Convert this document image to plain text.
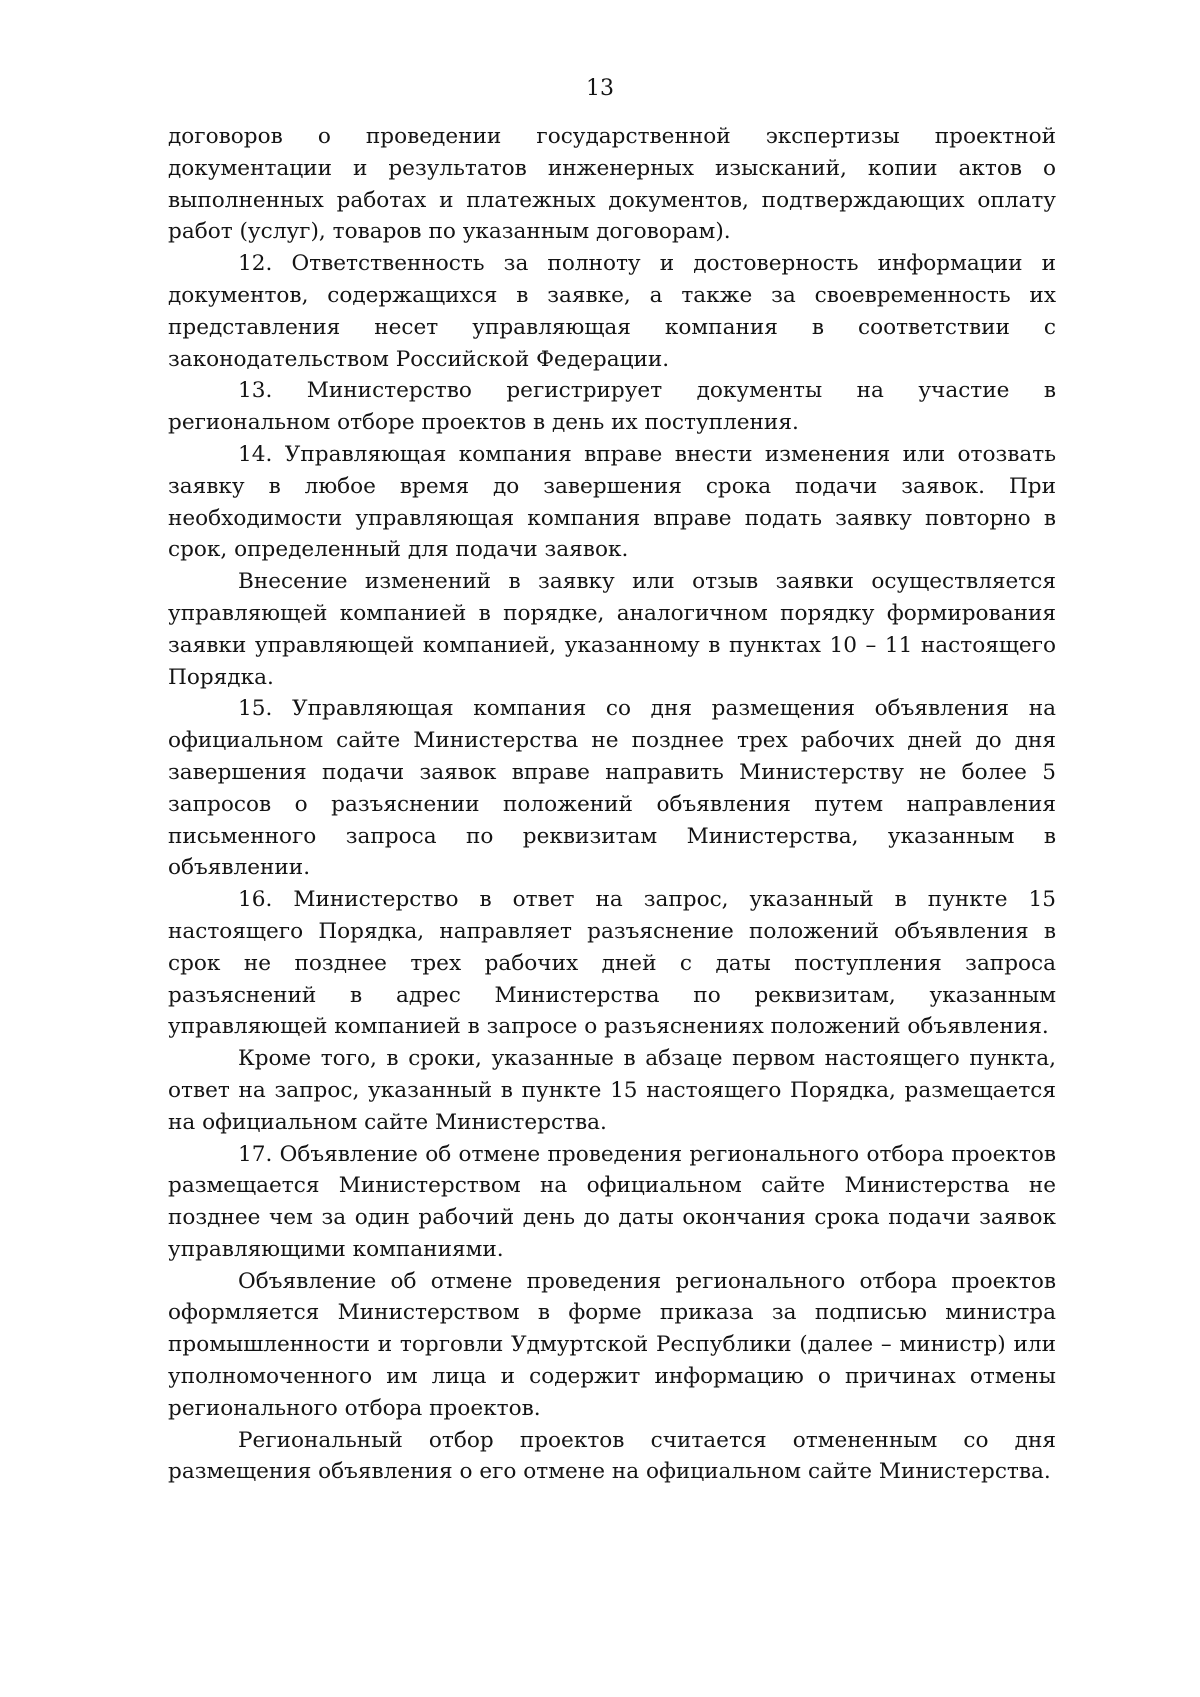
13

договоров о проведении государственной экспертизы проектной документации и результатов инженерных изысканий, копии актов о выполненных работах и платежных документов, подтверждающих оплату работ (услуг), товаров по указанным договорам).

12. Ответственность за полноту и достоверность информации и документов, содержащихся в заявке, а также за своевременность их представления несет управляющая компания в соответствии с законодательством Российской Федерации.

13. Министерство регистрирует документы на участие в региональном отборе проектов в день их поступления.

14. Управляющая компания вправе внести изменения или отозвать заявку в любое время до завершения срока подачи заявок. При необходимости управляющая компания вправе подать заявку повторно в срок, определенный для подачи заявок.

Внесение изменений в заявку или отзыв заявки осуществляется управляющей компанией в порядке, аналогичном порядку формирования заявки управляющей компанией, указанному в пунктах 10 – 11 настоящего Порядка.

15. Управляющая компания со дня размещения объявления на официальном сайте Министерства не позднее трех рабочих дней до дня завершения подачи заявок вправе направить Министерству не более 5 запросов о разъяснении положений объявления путем направления письменного запроса по реквизитам Министерства, указанным в объявлении.

16. Министерство в ответ на запрос, указанный в пункте 15 настоящего Порядка, направляет разъяснение положений объявления в срок не позднее трех рабочих дней с даты поступления запроса разъяснений в адрес Министерства по реквизитам, указанным управляющей компанией в запросе о разъяснениях положений объявления.

Кроме того, в сроки, указанные в абзаце первом настоящего пункта, ответ на запрос, указанный в пункте 15 настоящего Порядка, размещается на официальном сайте Министерства.

17. Объявление об отмене проведения регионального отбора проектов размещается Министерством на официальном сайте Министерства не позднее чем за один рабочий день до даты окончания срока подачи заявок управляющими компаниями.

Объявление об отмене проведения регионального отбора проектов оформляется Министерством в форме приказа за подписью министра промышленности и торговли Удмуртской Республики (далее – министр) или уполномоченного им лица и содержит информацию о причинах отмены регионального отбора проектов.

Региональный отбор проектов считается отмененным со дня размещения объявления о его отмене на официальном сайте Министерства.
